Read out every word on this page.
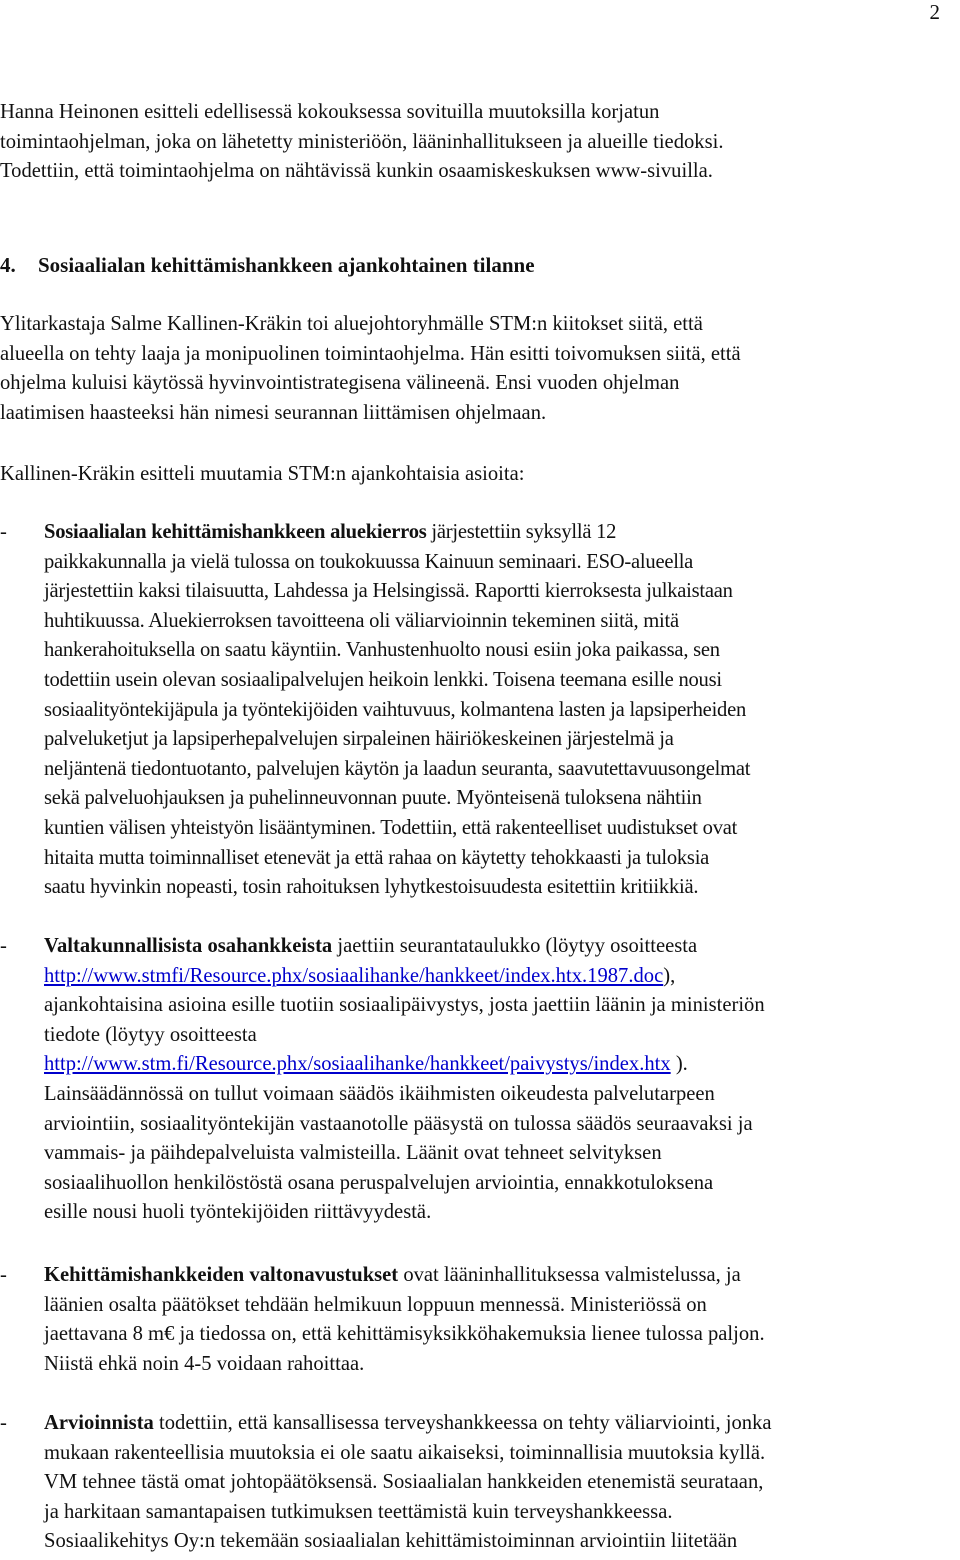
2

Hanna Heinonen esitteli edellisessä kokouksessa sovituilla muutoksilla korjatun

toimintaohjelman, joka on lähetetty ministeriöön, lääninhallitukseen ja alueille tiedoksi.

Todettiin, että toimintaohjelma on nähtävissä kunkin osaamiskeskuksen www-sivuilla.

4. Sosiaalialan kehittämishankkeen ajankohtainen tilanne

Ylitarkastaja Salme Kallinen-Kräkin toi aluejohtoryhmälle STM:n kiitokset siitä, että

alueella on tehty laaja ja monipuolinen toimintaohjelma. Hän esitti toivomuksen siitä, että

ohjelma kuluisi käytössä hyvinvointistrategisena välineenä. Ensi vuoden ohjelman

laatimisen haasteeksi hän nimesi seurannan liittämisen ohjelmaan.

Kallinen-Kräkin esitteli muutamia STM:n ajankohtaisia asioita:

- Sosiaalialan kehittämishankkeen aluekierros järjestettiin syksyllä 12

paikkakunnalla ja vielä tulossa on toukokuussa Kainuun seminaari. ESO-alueella

järjestettiin kaksi tilaisuutta, Lahdessa ja Helsingissä. Raportti kierroksesta julkaistaan

huhtikuussa. Aluekierroksen tavoitteena oli väliarvioinnin tekeminen siitä, mitä

hankerahoituksella on saatu käyntiin. Vanhustenhuolto nousi esiin joka paikassa, sen

todettiin usein olevan sosiaalipalvelujen heikoin lenkki. Toisena teemana esille nousi

sosiaalityöntekijäpula ja työntekijöiden vaihtuvuus, kolmantena lasten ja lapsiperheiden

palveluketjut ja lapsiperhepalvelujen sirpaleinen häiriökeskeinen järjestelmä ja

neljäntenä tiedontuotanto, palvelujen käytön ja laadun seuranta, saavutettavuusongelmat

sekä palveluohjauksen ja puhelinneuvonnan puute. Myönteisenä tuloksena nähtiin

kuntien välisen yhteistyön lisääntyminen. Todettiin, että rakenteelliset uudistukset ovat

hitaita mutta toiminnalliset etenevät ja että rahaa on käytetty tehokkaasti ja tuloksia

saatu hyvinkin nopeasti, tosin rahoituksen lyhytkestoisuudesta esitettiin kritiikkiä.

- Valtakunnallisista osahankkeista jaettiin seurantataulukko (löytyy osoitteesta

http://www.stmfi/Resource.phx/sosiaalihanke/hankkeet/index.htx.1987.doc),

ajankohtaisina asioina esille tuotiin sosiaalipäivystys, josta jaettiin läänin ja ministeriön

tiedote (löytyy osoitteesta

http://www.stm.fi/Resource.phx/sosiaalihanke/hankkeet/paivystys/index.htx ).

Lainsäädännössä on tullut voimaan säädös ikäihmisten oikeudesta palvelutarpeen

arviointiin, sosiaalityöntekijän vastaanotolle pääsystä on tulossa säädös seuraavaksi ja

vammais- ja päihdepalveluista valmisteilla. Läänit ovat tehneet selvityksen

sosiaalihuollon henkilöstöstä osana peruspalvelujen arviointia, ennakkotuloksena

esille nousi huoli työntekijöiden riittävyydestä.

- Kehittämishankkeiden valtonavustukset ovat lääninhallituksessa valmistelussa, ja

läänien osalta päätökset tehdään helmikuun loppuun mennessä. Ministeriössä on

jaettavana 8 m€ ja tiedossa on, että kehittämisyksikköhakemuksia lienee tulossa paljon.

Niistä ehkä noin 4-5 voidaan rahoittaa.

- Arvioinnista todettiin, että kansallisessa terveyshankkeessa on tehty väliarviointi, jonka

mukaan rakenteellisia muutoksia ei ole saatu aikaiseksi, toiminnallisia muutoksia kyllä.

VM tehnee tästä omat johtopäätöksensä. Sosiaalialan hankkeiden etenemistä seurataan,

ja harkitaan samantapaisen tutkimuksen teettämistä kuin terveyshankkeessa.

Sosiaalikehitys Oy:n tekemään sosiaalialan kehittämistoiminnan arviointiin liitetään
